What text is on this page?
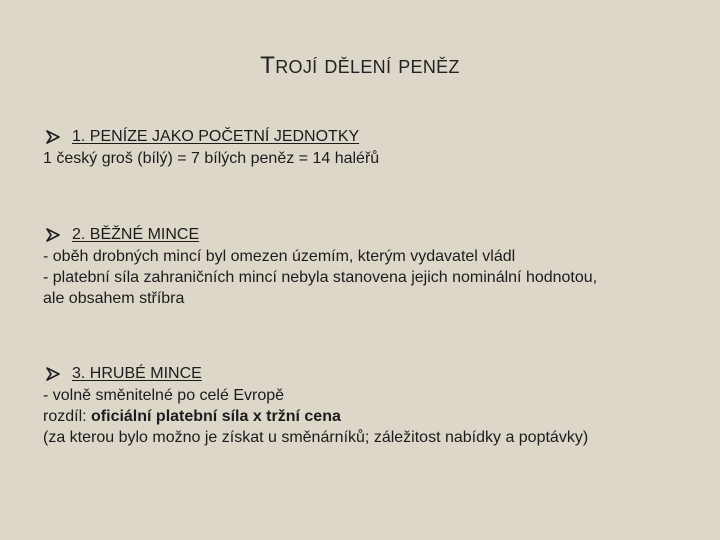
TROJÍ DĚLENÍ PENĚZ
1. PENÍZE JAKO POČETNÍ JEDNOTKY
1 český groš (bílý) = 7 bílých peněz = 14 haléřů
2. BĚŽNÉ MINCE
- oběh drobných mincí byl omezen územím, kterým vydavatel vládl
- platební síla zahraničních mincí nebyla stanovena jejich nominální hodnotou,
ale obsahem stříbra
3. HRUBÉ MINCE
- volně směnitelné po celé Evropě
rozdíl: oficiální platební síla x tržní cena
(za kterou bylo možno je získat u směnárníků; záležitost nabídky a poptávky)
